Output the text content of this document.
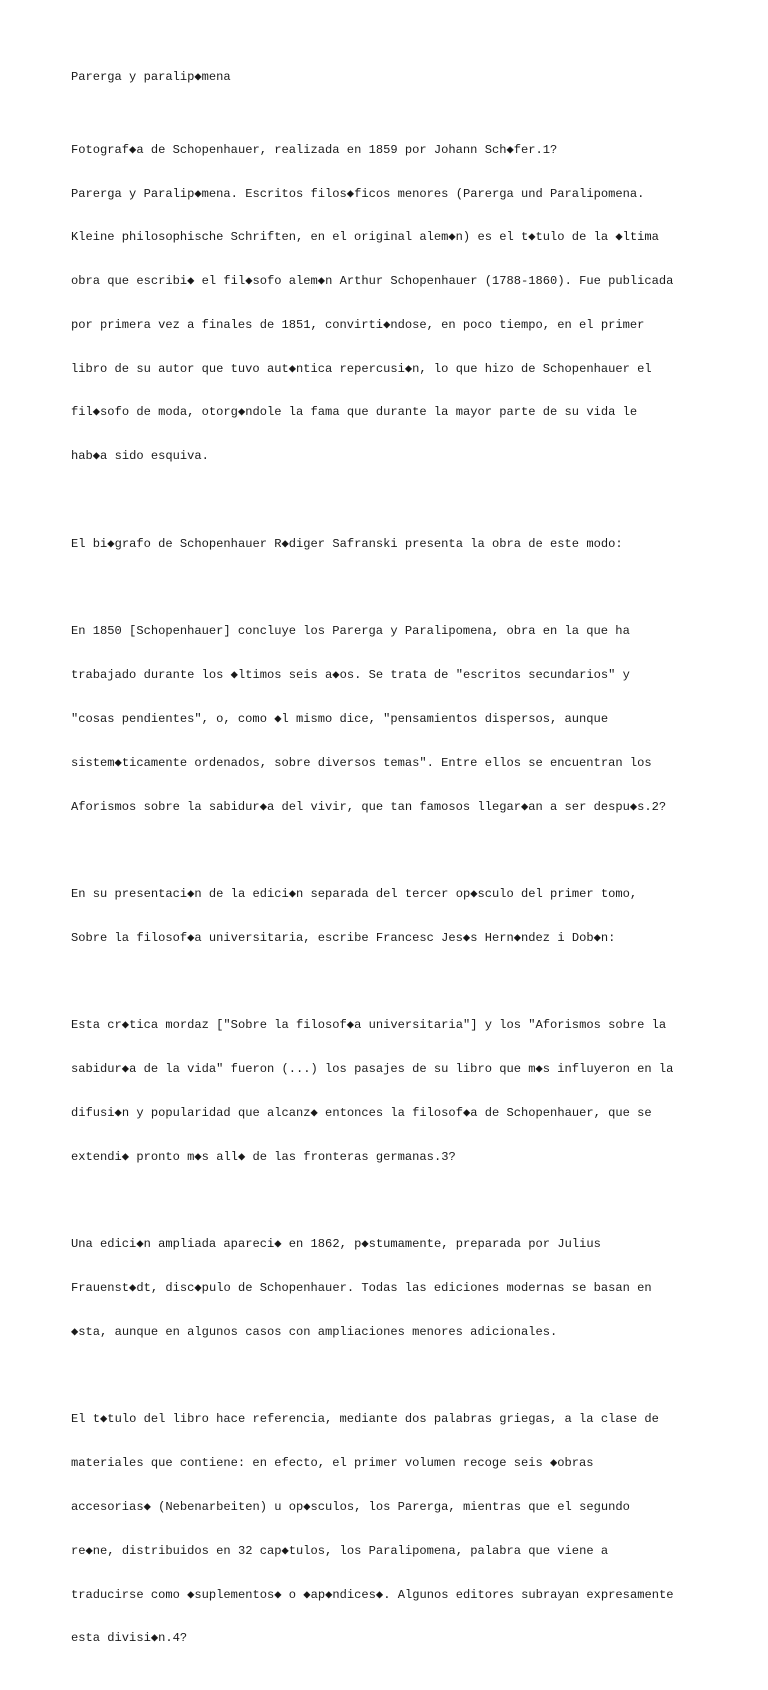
Parerga y paralip◆mena

Fotograf◆a de Schopenhauer, realizada en 1859 por Johann Sch◆fer.1?

Parerga y Paralip◆mena. Escritos filos◆ficos menores (Parerga und Paralipomena.

Kleine philosophische Schriften, en el original alem◆n) es el t◆tulo de la ◆ltima

obra que escribi◆ el fil◆sofo alem◆n Arthur Schopenhauer (1788-1860). Fue publicada

por primera vez a finales de 1851, convirti◆ndose, en poco tiempo, en el primer

libro de su autor que tuvo aut◆ntica repercusi◆n, lo que hizo de Schopenhauer el

fil◆sofo de moda, otorg◆ndole la fama que durante la mayor parte de su vida le

hab◆a sido esquiva.

El bi◆grafo de Schopenhauer R◆diger Safranski presenta la obra de este modo:

En 1850 [Schopenhauer] concluye los Parerga y Paralipomena, obra en la que ha

trabajado durante los ◆ltimos seis a◆os. Se trata de "escritos secundarios" y

"cosas pendientes", o, como ◆l mismo dice, "pensamientos dispersos, aunque

sistem◆ticamente ordenados, sobre diversos temas". Entre ellos se encuentran los

Aforismos sobre la sabidur◆a del vivir, que tan famosos llegar◆an a ser despu◆s.2?

En su presentaci◆n de la edici◆n separada del tercer op◆sculo del primer tomo,

Sobre la filosof◆a universitaria, escribe Francesc Jes◆s Hern◆ndez i Dob◆n:

Esta cr◆tica mordaz ["Sobre la filosof◆a universitaria"] y los "Aforismos sobre la

sabidur◆a de la vida" fueron (...) los pasajes de su libro que m◆s influyeron en la

difusi◆n y popularidad que alcanz◆ entonces la filosof◆a de Schopenhauer, que se

extendi◆ pronto m◆s all◆ de las fronteras germanas.3?

Una edici◆n ampliada apareci◆ en 1862, p◆stumamente, preparada por Julius

Frauenst◆dt, disc◆pulo de Schopenhauer. Todas las ediciones modernas se basan en

◆sta, aunque en algunos casos con ampliaciones menores adicionales.

El t◆tulo del libro hace referencia, mediante dos palabras griegas, a la clase de

materiales que contiene: en efecto, el primer volumen recoge seis ◆obras

accesorias◆ (Nebenarbeiten) u op◆sculos, los Parerga, mientras que el segundo

re◆ne, distribuidos en 32 cap◆tulos, los Paralipomena, palabra que viene a

traducirse como ◆suplementos◆ o ◆ap◆ndices◆. Algunos editores subrayan expresamente

esta divisi◆n.4?
